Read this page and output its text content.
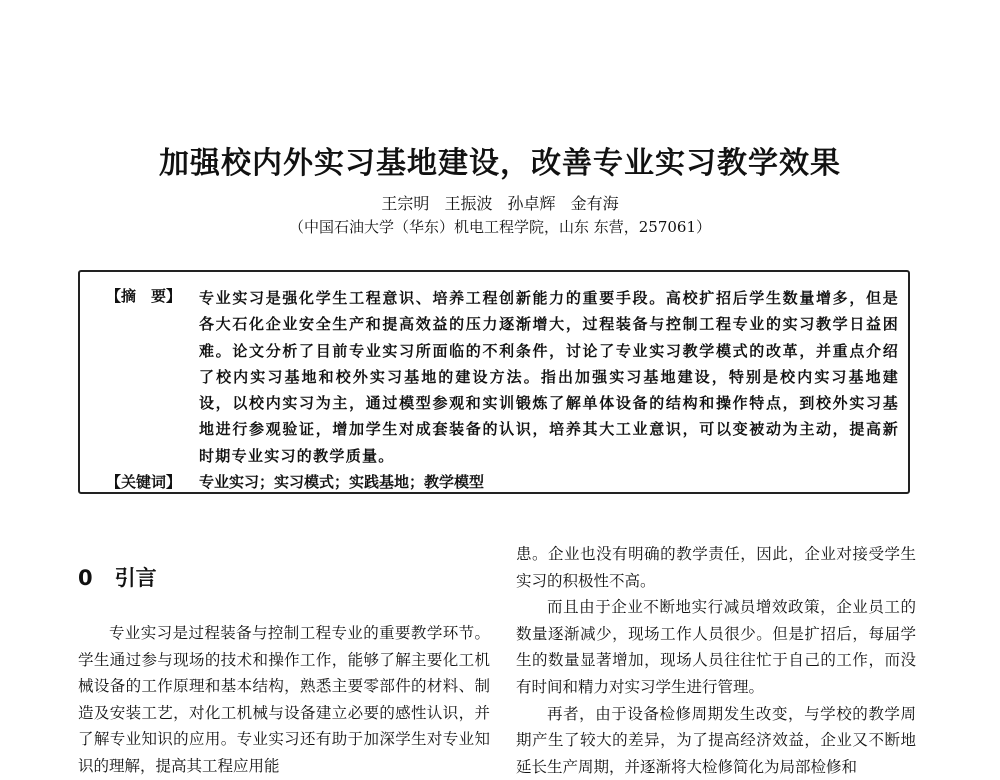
加强校内外实习基地建设，改善专业实习教学效果
王宗明 王振波 孙卓辉 金有海
（中国石油大学（华东）机电工程学院，山东 东营，257061）
【摘　要】 专业实习是强化学生工程意识、培养工程创新能力的重要手段。高校扩招后学生数量增多，但是各大石化企业安全生产和提高效益的压力逐渐增大，过程装备与控制工程专业的实习教学日益困难。论文分析了目前专业实习所面临的不利条件，讨论了专业实习教学模式的改革，并重点介绍了校内实习基地和校外实习基地的建设方法。指出加强实习基地建设，特别是校内实习基地建设，以校内实习为主，通过模型参观和实训锻炼了解单体设备的结构和操作特点，到校外实习基地进行参观验证，增加学生对成套装备的认识，培养其大工业意识，可以变被动为主动，提高新时期专业实习的教学质量。
【关键词】 专业实习；实习模式；实践基地；教学模型
0 引言

专业实习是过程装备与控制工程专业的重要教学环节。学生通过参与现场的技术和操作工作，能够了解主要化工机械设备的工作原理和基本结构，熟悉主要零部件的材料、制造及安装工艺，对化工机械与设备建立必要的感性认识，并了解专业知识的应用。专业实习还有助于加深学生对专业知识的理解，提高其工程应用能

患。企业也没有明确的教学责任，因此，企业对接受学生实习的积极性不高。

而且由于企业不断地实行减员增效政策，企业员工的数量逐渐减少，现场工作人员很少。但是扩招后，每届学生的数量显著增加，现场人员往往忙于自己的工作，而没有时间和精力对实习学生进行管理。

再者，由于设备检修周期发生改变，与学校的教学周期产生了较大的差异，为了提高经济效益，企业又不断地延长生产周期，并逐渐将大检修简化为局部检修和
